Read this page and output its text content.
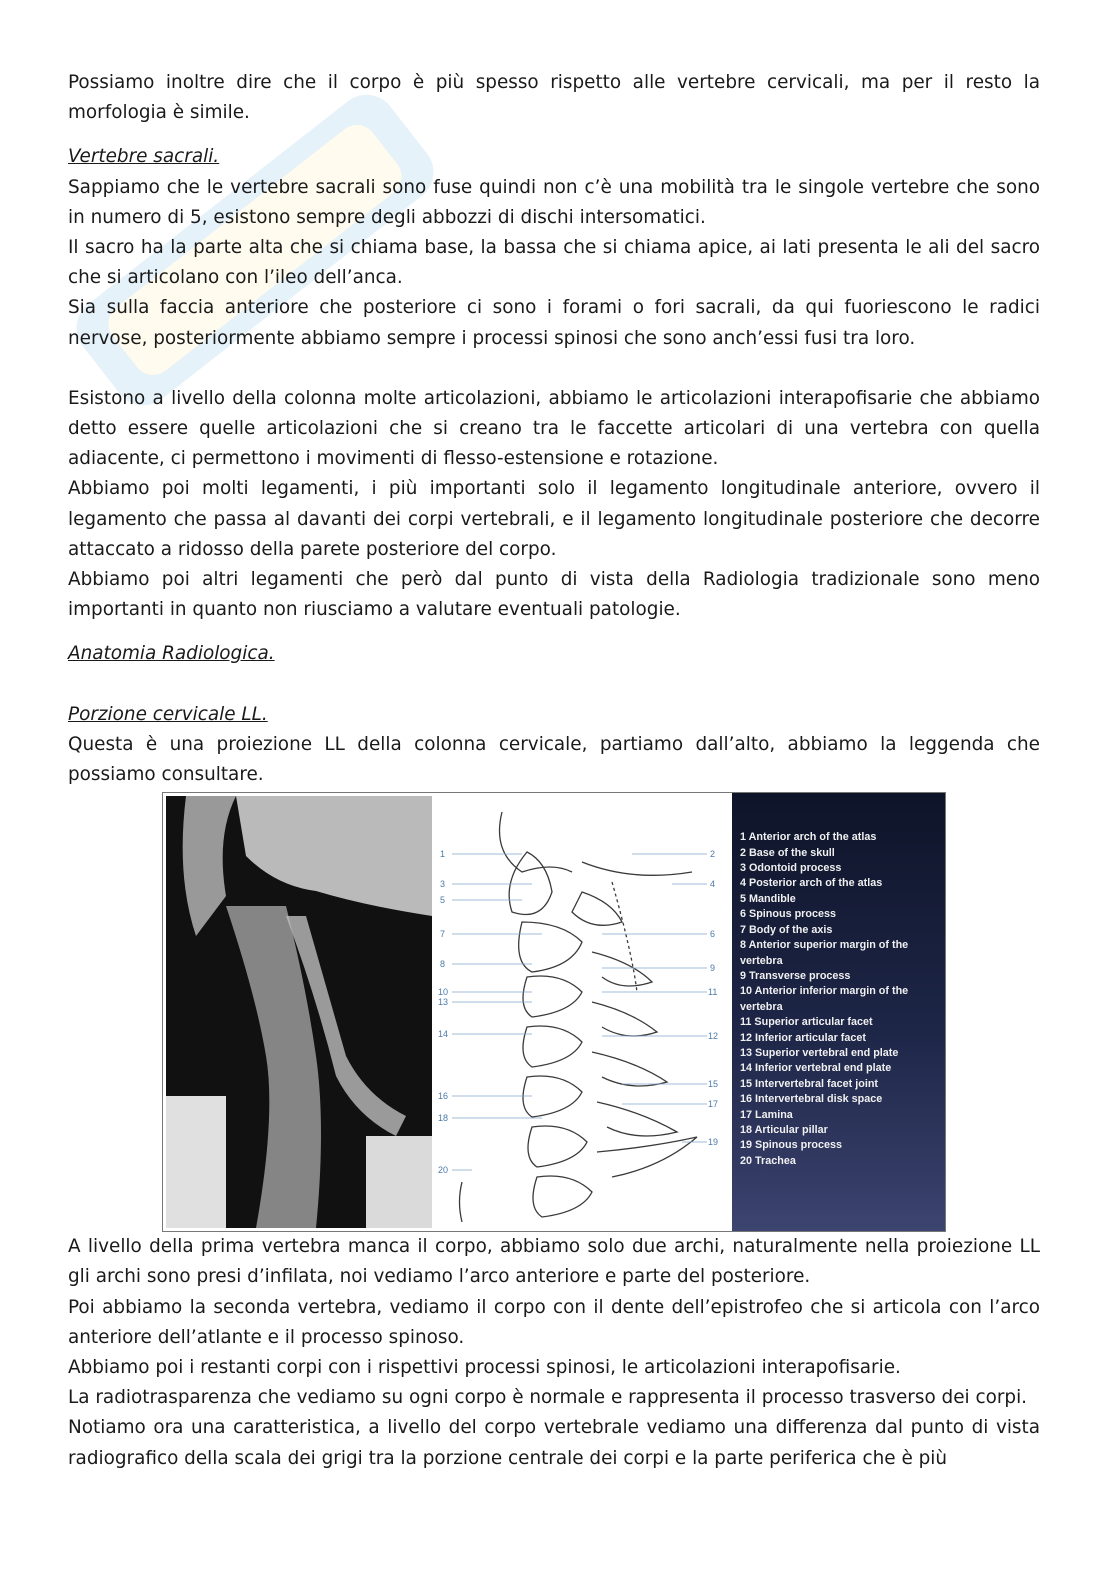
Possiamo inoltre dire che il corpo è più spesso rispetto alle vertebre cervicali, ma per il resto la morfologia è simile.

Vertebre sacrali.

Sappiamo che le vertebre sacrali sono fuse quindi non c’è una mobilità tra le singole vertebre che sono in numero di 5, esistono sempre degli abbozzi di dischi intersomatici.

Il sacro ha la parte alta che si chiama base, la bassa che si chiama apice, ai lati presenta le ali del sacro che si articolano con l’ileo dell’anca.

Sia sulla faccia anteriore che posteriore ci sono i forami o fori sacrali, da qui fuoriescono le radici nervose, posteriormente abbiamo sempre i processi spinosi che sono anch’essi fusi tra loro.

Esistono a livello della colonna molte articolazioni, abbiamo le articolazioni interapofisarie che abbiamo detto essere quelle articolazioni che si creano tra le faccette articolari di una vertebra con quella adiacente, ci permettono i movimenti di flesso-estensione e rotazione.

Abbiamo poi molti legamenti, i più importanti solo il legamento longitudinale anteriore, ovvero il legamento che passa al davanti dei corpi vertebrali, e il legamento longitudinale posteriore che decorre attaccato a ridosso della parete posteriore del corpo.

Abbiamo poi altri legamenti che però dal punto di vista della Radiologia tradizionale sono meno importanti in quanto non riusciamo a valutare eventuali patologie.

Anatomia Radiologica.

Porzione cervicale LL.

Questa è una proiezione LL della colonna cervicale, partiamo dall’alto, abbiamo la leggenda che possiamo consultare.

1
3
5
7
8
10
13
14
16
18
20
2
4
6
9
11
12
15
17
19
1 Anterior arch of the atlas
2 Base of the skull
3 Odontoid process
4 Posterior arch of the atlas
5 Mandible
6 Spinous process
7 Body of the axis
8 Anterior superior margin of the vertebra
9 Transverse process
10 Anterior inferior margin of the vertebra
11 Superior articular facet
12 Inferior articular facet
13 Superior vertebral end plate
14 Inferior vertebral end plate
15 Intervertebral facet joint
16 Intervertebral disk space
17 Lamina
18 Articular pillar
19 Spinous process
20 Trachea

A livello della prima vertebra manca il corpo, abbiamo solo due archi, naturalmente nella proiezione LL gli archi sono presi d’infilata, noi vediamo l’arco anteriore e parte del posteriore.

Poi abbiamo la seconda vertebra, vediamo il corpo con il dente dell’epistrofeo che si articola con l’arco anteriore dell’atlante e il processo spinoso.

Abbiamo poi i restanti corpi con i rispettivi processi spinosi, le articolazioni interapofisarie.

La radiotrasparenza che vediamo su ogni corpo è normale e rappresenta il processo trasverso dei corpi.

Notiamo ora una caratteristica, a livello del corpo vertebrale vediamo una differenza dal punto di vista radiografico della scala dei grigi tra la porzione centrale dei corpi e la parte periferica che è più
